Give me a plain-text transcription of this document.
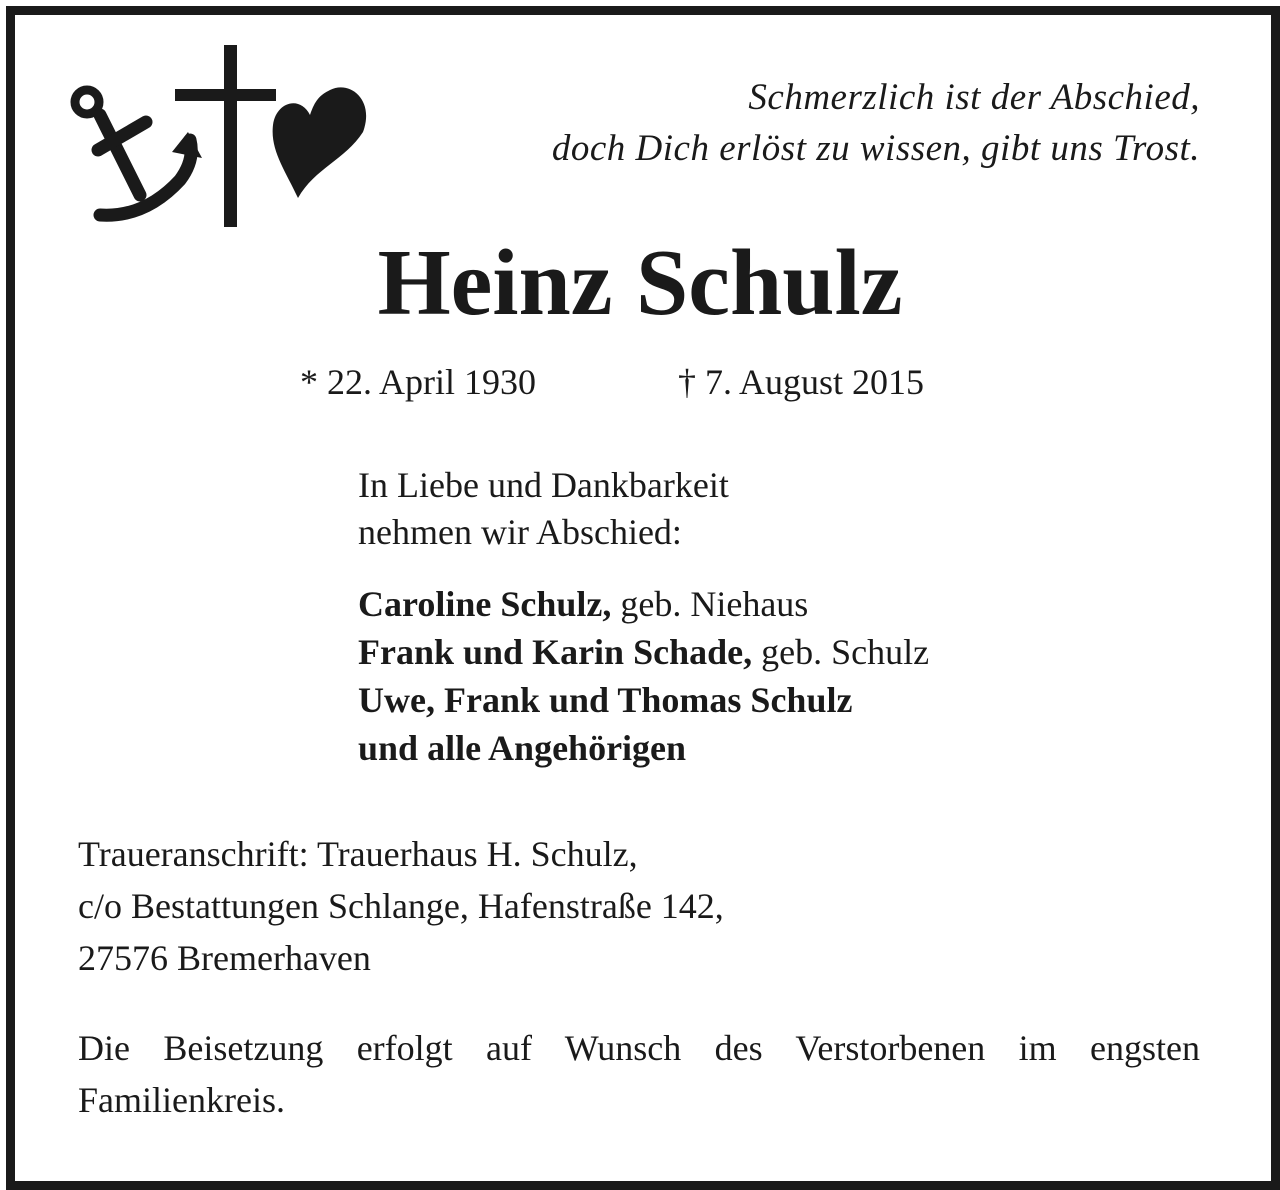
Schmerzlich ist der Abschied,
doch Dich erlöst zu wissen, gibt uns Trost.
Heinz Schulz
* 22. April 1930	† 7. August 2015
In Liebe und Dankbarkeit
nehmen wir Abschied:
Caroline Schulz, geb. Niehaus
Frank und Karin Schade, geb. Schulz
Uwe, Frank und Thomas Schulz
und alle Angehörigen
Traueranschrift: Trauerhaus H. Schulz,
c/o Bestattungen Schlange, Hafenstraße 142,
27576 Bremerhaven
Die Beisetzung erfolgt auf Wunsch des Verstorbenen im engsten Familienkreis.
